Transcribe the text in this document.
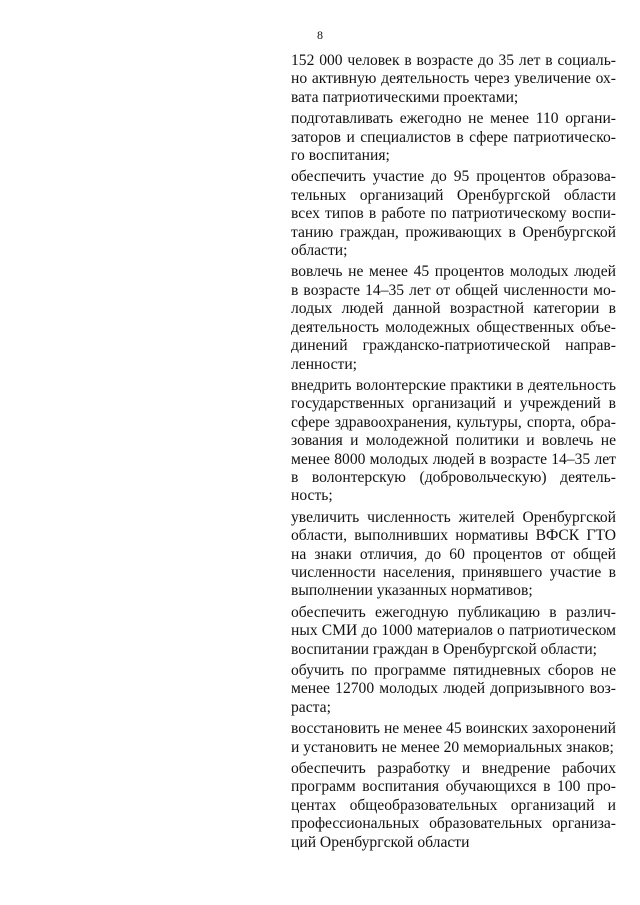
8

152 000 человек в возрасте до 35 лет в социаль-
но активную деятельность через увеличение ох-
вата патриотическими проектами;

подготавливать ежегодно не менее 110 органи-
заторов и специалистов в сфере патриотическо-
го воспитания;

обеспечить участие до 95 процентов образова-
тельных организаций Оренбургской области
всех типов в работе по патриотическому воспи-
танию граждан, проживающих в Оренбургской
области;

вовлечь не менее 45 процентов молодых людей
в возрасте 14–35 лет от общей численности мо-
лодых людей данной возрастной категории в
деятельность молодежных общественных объе-
динений гражданско-патриотической направ-
ленности;

внедрить волонтерские практики в деятельность
государственных организаций и учреждений в
сфере здравоохранения, культуры, спорта, обра-
зования и молодежной политики и вовлечь не
менее 8000 молодых людей в возрасте 14–35 лет
в волонтерскую (добровольческую) деятель-
ность;

увеличить численность жителей Оренбургской
области, выполнивших нормативы ВФСК ГТО
на знаки отличия, до 60 процентов от общей
численности населения, принявшего участие в
выполнении указанных нормативов;

обеспечить ежегодную публикацию в различ-
ных СМИ до 1000 материалов о патриотическом
воспитании граждан в Оренбургской области;

обучить по программе пятидневных сборов не
менее 12700 молодых людей допризывного воз-
раста;

восстановить не менее 45 воинских захоронений
и установить не менее 20 мемориальных знаков;

обеспечить разработку и внедрение рабочих
программ воспитания обучающихся в 100 про-
центах общеобразовательных организаций и
профессиональных образовательных организа-
ций Оренбургской области
